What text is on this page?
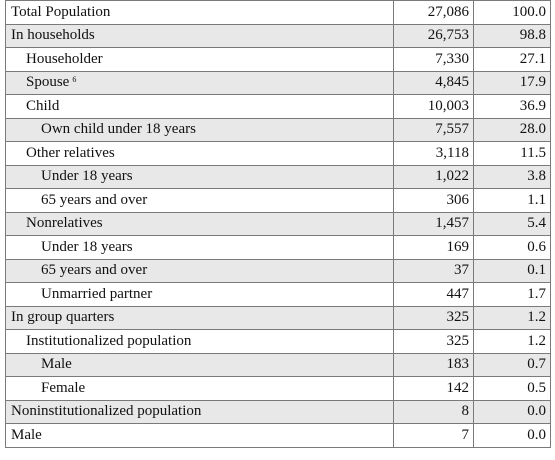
Total Population	27,086	100.0
In households	26,753	98.8
Householder	7,330	27.1
Spouse $^6$	4,845	17.9
Child	10,003	36.9
Own child under 18 years	7,557	28.0
Other relatives	3,118	11.5
Under 18 years	1,022	3.8
65 years and over	306	1.1
Nonrelatives	1,457	5.4
Under 18 years	169	0.6
65 years and over	37	0.1
Unmarried partner	447	1.7
In group quarters	325	1.2
Institutionalized population	325	1.2
Male	183	0.7
Female	142	0.5
Noninstitutionalized population	8	0.0
Male	7	0.0
